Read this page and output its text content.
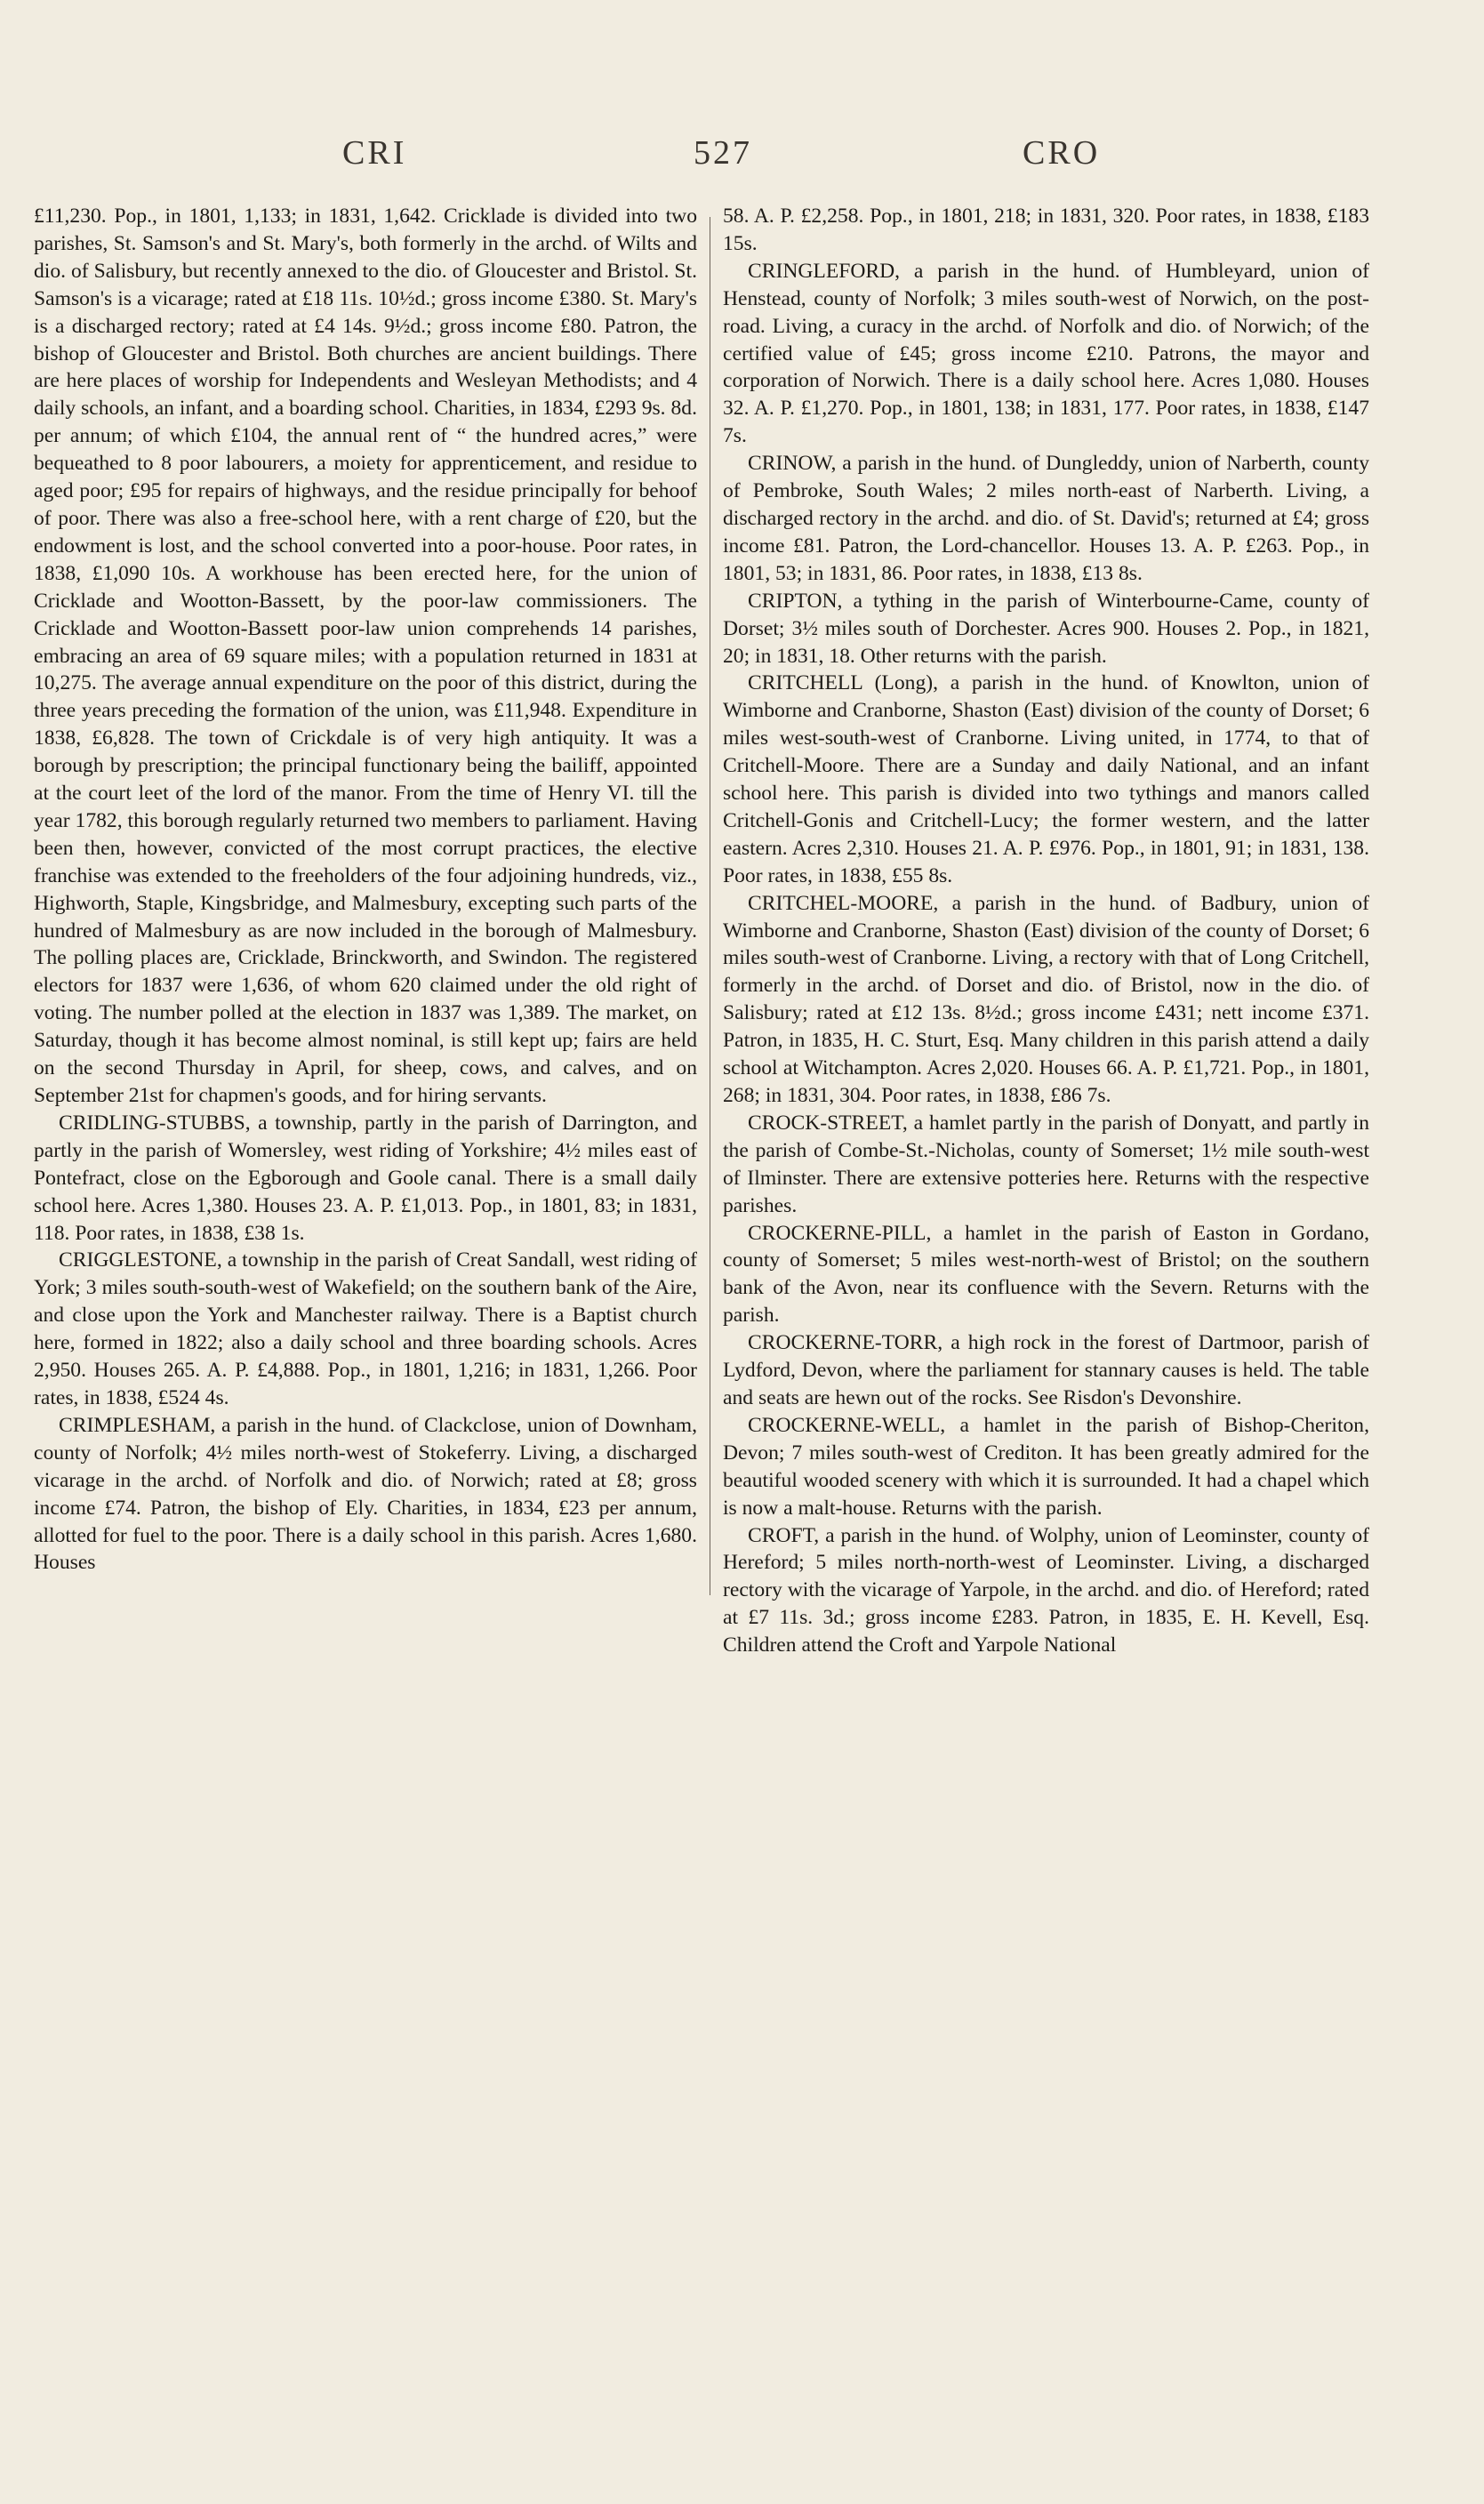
CRI	527	CRO

£11,230. Pop., in 1801, 1,133; in 1831, 1,642. Cricklade is divided into two parishes, St. Samson's and St. Mary's, both formerly in the archd. of Wilts and dio. of Salisbury, but recently annexed to the dio. of Gloucester and Bristol. St. Samson's is a vicarage; rated at £18 11s. 10½d.; gross income £380. St. Mary's is a discharged rectory; rated at £4 14s. 9½d.; gross income £80. Patron, the bishop of Gloucester and Bristol. Both churches are ancient buildings. There are here places of worship for Independents and Wesleyan Methodists; and 4 daily schools, an infant, and a boarding school. Charities, in 1834, £293 9s. 8d. per annum; of which £104, the annual rent of “ the hundred acres,” were bequeathed to 8 poor labourers, a moiety for apprenticement, and residue to aged poor; £95 for repairs of highways, and the residue principally for behoof of poor. There was also a free-school here, with a rent charge of £20, but the endowment is lost, and the school converted into a poor-house. Poor rates, in 1838, £1,090 10s. A workhouse has been erected here, for the union of Cricklade and Wootton-Bassett, by the poor-law commissioners. The Cricklade and Wootton-Bassett poor-law union comprehends 14 parishes, embracing an area of 69 square miles; with a population returned in 1831 at 10,275. The average annual expenditure on the poor of this district, during the three years preceding the formation of the union, was £11,948. Expenditure in 1838, £6,828. The town of Crickdale is of very high antiquity. It was a borough by prescription; the principal functionary being the bailiff, appointed at the court leet of the lord of the manor. From the time of Henry VI. till the year 1782, this borough regularly returned two members to parliament. Having been then, however, convicted of the most corrupt practices, the elective franchise was extended to the freeholders of the four adjoining hundreds, viz., Highworth, Staple, Kingsbridge, and Malmesbury, excepting such parts of the hundred of Malmesbury as are now included in the borough of Malmesbury. The polling places are, Cricklade, Brinckworth, and Swindon. The registered electors for 1837 were 1,636, of whom 620 claimed under the old right of voting. The number polled at the election in 1837 was 1,389. The market, on Saturday, though it has become almost nominal, is still kept up; fairs are held on the second Thursday in April, for sheep, cows, and calves, and on September 21st for chapmen's goods, and for hiring servants.

CRIDLING-STUBBS, a township, partly in the parish of Darrington, and partly in the parish of Womersley, west riding of Yorkshire; 4½ miles east of Pontefract, close on the Egborough and Goole canal. There is a small daily school here. Acres 1,380. Houses 23. A. P. £1,013. Pop., in 1801, 83; in 1831, 118. Poor rates, in 1838, £38 1s.

CRIGGLESTONE, a township in the parish of Creat Sandall, west riding of York; 3 miles south-south-west of Wakefield; on the southern bank of the Aire, and close upon the York and Manchester railway. There is a Baptist church here, formed in 1822; also a daily school and three boarding schools. Acres 2,950. Houses 265. A. P. £4,888. Pop., in 1801, 1,216; in 1831, 1,266. Poor rates, in 1838, £524 4s.

CRIMPLESHAM, a parish in the hund. of Clackclose, union of Downham, county of Norfolk; 4½ miles north-west of Stokeferry. Living, a discharged vicarage in the archd. of Norfolk and dio. of Norwich; rated at £8; gross income £74. Patron, the bishop of Ely. Charities, in 1834, £23 per annum, allotted for fuel to the poor. There is a daily school in this parish. Acres 1,680. Houses

58. A. P. £2,258. Pop., in 1801, 218; in 1831, 320. Poor rates, in 1838, £183 15s.

CRINGLEFORD, a parish in the hund. of Humbleyard, union of Henstead, county of Norfolk; 3 miles south-west of Norwich, on the post-road. Living, a curacy in the archd. of Norfolk and dio. of Norwich; of the certified value of £45; gross income £210. Patrons, the mayor and corporation of Norwich. There is a daily school here. Acres 1,080. Houses 32. A. P. £1,270. Pop., in 1801, 138; in 1831, 177. Poor rates, in 1838, £147 7s.

CRINOW, a parish in the hund. of Dungleddy, union of Narberth, county of Pembroke, South Wales; 2 miles north-east of Narberth. Living, a discharged rectory in the archd. and dio. of St. David's; returned at £4; gross income £81. Patron, the Lord-chancellor. Houses 13. A. P. £263. Pop., in 1801, 53; in 1831, 86. Poor rates, in 1838, £13 8s.

CRIPTON, a tything in the parish of Winterbourne-Came, county of Dorset; 3½ miles south of Dorchester. Acres 900. Houses 2. Pop., in 1821, 20; in 1831, 18. Other returns with the parish.

CRITCHELL (Long), a parish in the hund. of Knowlton, union of Wimborne and Cranborne, Shaston (East) division of the county of Dorset; 6 miles west-south-west of Cranborne. Living united, in 1774, to that of Critchell-Moore. There are a Sunday and daily National, and an infant school here. This parish is divided into two tythings and manors called Critchell-Gonis and Critchell-Lucy; the former western, and the latter eastern. Acres 2,310. Houses 21. A. P. £976. Pop., in 1801, 91; in 1831, 138. Poor rates, in 1838, £55 8s.

CRITCHEL-MOORE, a parish in the hund. of Badbury, union of Wimborne and Cranborne, Shaston (East) division of the county of Dorset; 6 miles south-west of Cranborne. Living, a rectory with that of Long Critchell, formerly in the archd. of Dorset and dio. of Bristol, now in the dio. of Salisbury; rated at £12 13s. 8½d.; gross income £431; nett income £371. Patron, in 1835, H. C. Sturt, Esq. Many children in this parish attend a daily school at Witchampton. Acres 2,020. Houses 66. A. P. £1,721. Pop., in 1801, 268; in 1831, 304. Poor rates, in 1838, £86 7s.

CROCK-STREET, a hamlet partly in the parish of Donyatt, and partly in the parish of Combe-St.-Nicholas, county of Somerset; 1½ mile south-west of Ilminster. There are extensive potteries here. Returns with the respective parishes.

CROCKERNE-PILL, a hamlet in the parish of Easton in Gordano, county of Somerset; 5 miles west-north-west of Bristol; on the southern bank of the Avon, near its confluence with the Severn. Returns with the parish.

CROCKERNE-TORR, a high rock in the forest of Dartmoor, parish of Lydford, Devon, where the parliament for stannary causes is held. The table and seats are hewn out of the rocks. See Risdon's Devonshire.

CROCKERNE-WELL, a hamlet in the parish of Bishop-Cheriton, Devon; 7 miles south-west of Crediton. It has been greatly admired for the beautiful wooded scenery with which it is surrounded. It had a chapel which is now a malt-house. Returns with the parish.

CROFT, a parish in the hund. of Wolphy, union of Leominster, county of Hereford; 5 miles north-north-west of Leominster. Living, a discharged rectory with the vicarage of Yarpole, in the archd. and dio. of Hereford; rated at £7 11s. 3d.; gross income £283. Patron, in 1835, E. H. Kevell, Esq. Children attend the Croft and Yarpole National
